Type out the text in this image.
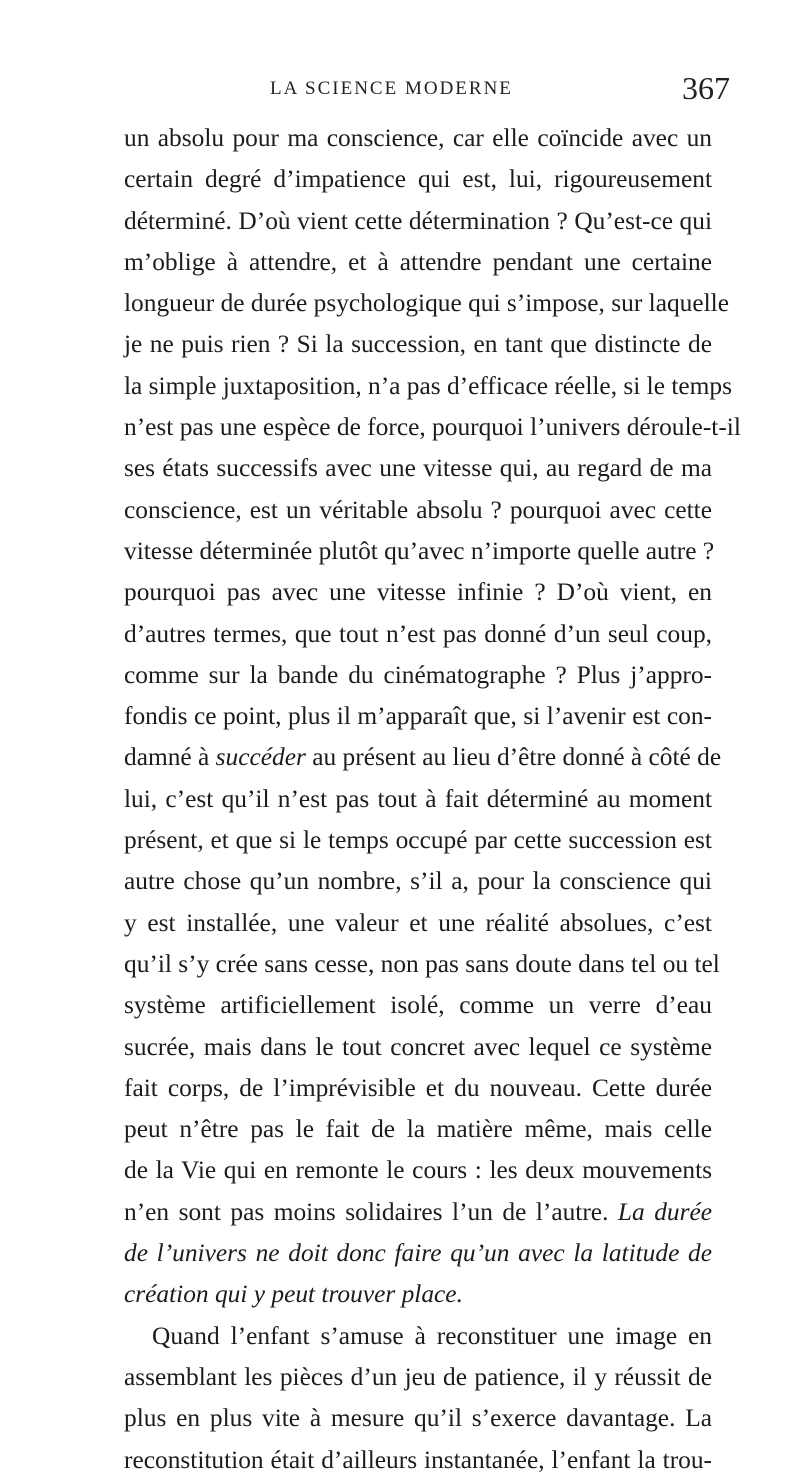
LA SCIENCE MODERNE	367
un absolu pour ma conscience, car elle coïncide avec un
certain degré d’impatience qui est, lui, rigoureusement
déterminé. D’où vient cette détermination ? Qu’est-ce qui
m’oblige à attendre, et à attendre pendant une certaine
longueur de durée psychologique qui s’impose, sur laquelle
je ne puis rien ? Si la succession, en tant que distincte de
la simple juxtaposition, n’a pas d’efficace réelle, si le temps
n’est pas une espèce de force, pourquoi l’univers déroule-t-il
ses états successifs avec une vitesse qui, au regard de ma
conscience, est un véritable absolu ? pourquoi avec cette
vitesse déterminée plutôt qu’avec n’importe quelle autre ?
pourquoi pas avec une vitesse infinie ? D’où vient, en
d’autres termes, que tout n’est pas donné d’un seul coup,
comme sur la bande du cinématographe ? Plus j’appro-
fondis ce point, plus il m’apparaît que, si l’avenir est con-
damné à succéder au présent au lieu d’être donné à côté de
lui, c’est qu’il n’est pas tout à fait déterminé au moment
présent, et que si le temps occupé par cette succession est
autre chose qu’un nombre, s’il a, pour la conscience qui
y est installée, une valeur et une réalité absolues, c’est
qu’il s’y crée sans cesse, non pas sans doute dans tel ou tel
système artificiellement isolé, comme un verre d’eau
sucrée, mais dans le tout concret avec lequel ce système
fait corps, de l’imprévisible et du nouveau. Cette durée
peut n’être pas le fait de la matière même, mais celle
de la Vie qui en remonte le cours : les deux mouvements
n’en sont pas moins solidaires l’un de l’autre. La durée
de l’univers ne doit donc faire qu’un avec la latitude de
création qui y peut trouver place.
Quand l’enfant s’amuse à reconstituer une image en
assemblant les pièces d’un jeu de patience, il y réussit de
plus en plus vite à mesure qu’il s’exerce davantage. La
reconstitution était d’ailleurs instantanée, l’enfant la trou-
